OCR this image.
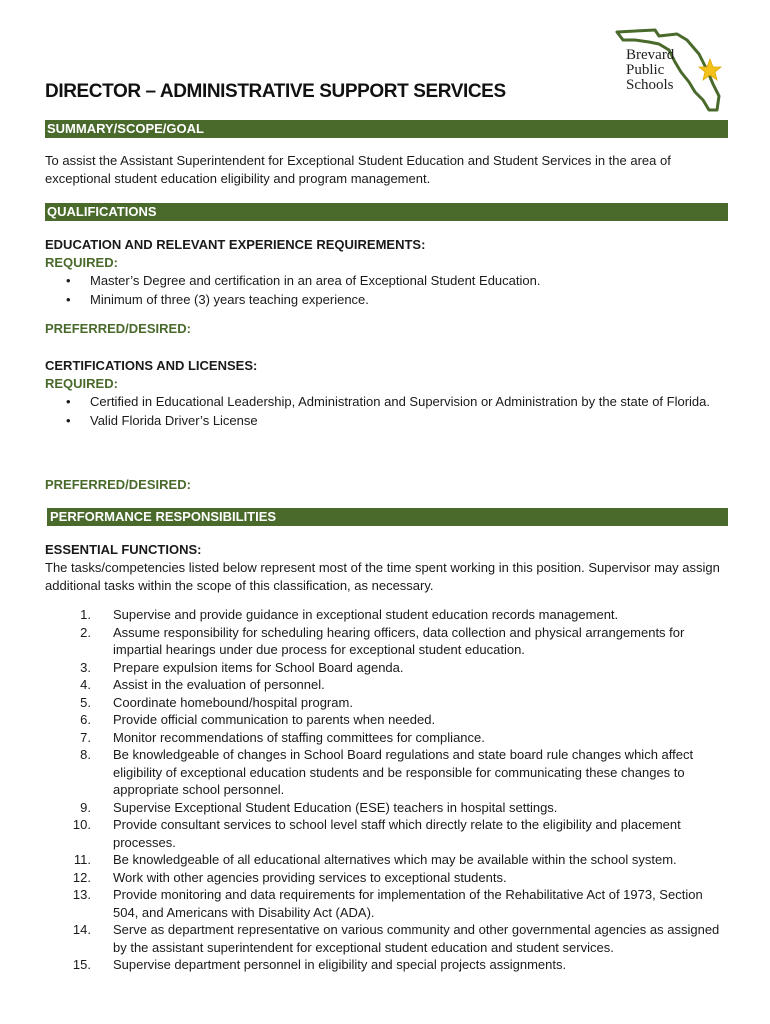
Brevard
Public
Schools
DIRECTOR – ADMINISTRATIVE SUPPORT SERVICES
SUMMARY/SCOPE/GOAL
To assist the Assistant Superintendent for Exceptional Student Education and Student Services in the area of exceptional student education eligibility and program management.
QUALIFICATIONS
EDUCATION AND RELEVANT EXPERIENCE REQUIREMENTS:
REQUIRED:
• Master’s Degree and certification in an area of Exceptional Student Education.
• Minimum of three (3) years teaching experience.
PREFERRED/DESIRED:
CERTIFICATIONS AND LICENSES:
REQUIRED:
• Certified in Educational Leadership, Administration and Supervision or Administration by the state of Florida.
• Valid Florida Driver’s License
PREFERRED/DESIRED:
PERFORMANCE RESPONSIBILITIES
ESSENTIAL FUNCTIONS:
The tasks/competencies listed below represent most of the time spent working in this position. Supervisor may assign additional tasks within the scope of this classification, as necessary.
1. Supervise and provide guidance in exceptional student education records management.
2. Assume responsibility for scheduling hearing officers, data collection and physical arrangements for impartial hearings under due process for exceptional student education.
3. Prepare expulsion items for School Board agenda.
4. Assist in the evaluation of personnel.
5. Coordinate homebound/hospital program.
6. Provide official communication to parents when needed.
7. Monitor recommendations of staffing committees for compliance.
8. Be knowledgeable of changes in School Board regulations and state board rule changes which affect eligibility of exceptional education students and be responsible for communicating these changes to appropriate school personnel.
9. Supervise Exceptional Student Education (ESE) teachers in hospital settings.
10. Provide consultant services to school level staff which directly relate to the eligibility and placement processes.
11. Be knowledgeable of all educational alternatives which may be available within the school system.
12. Work with other agencies providing services to exceptional students.
13. Provide monitoring and data requirements for implementation of the Rehabilitative Act of 1973, Section 504, and Americans with Disability Act (ADA).
14. Serve as department representative on various community and other governmental agencies as assigned by the assistant superintendent for exceptional student education and student services.
15. Supervise department personnel in eligibility and special projects assignments.
